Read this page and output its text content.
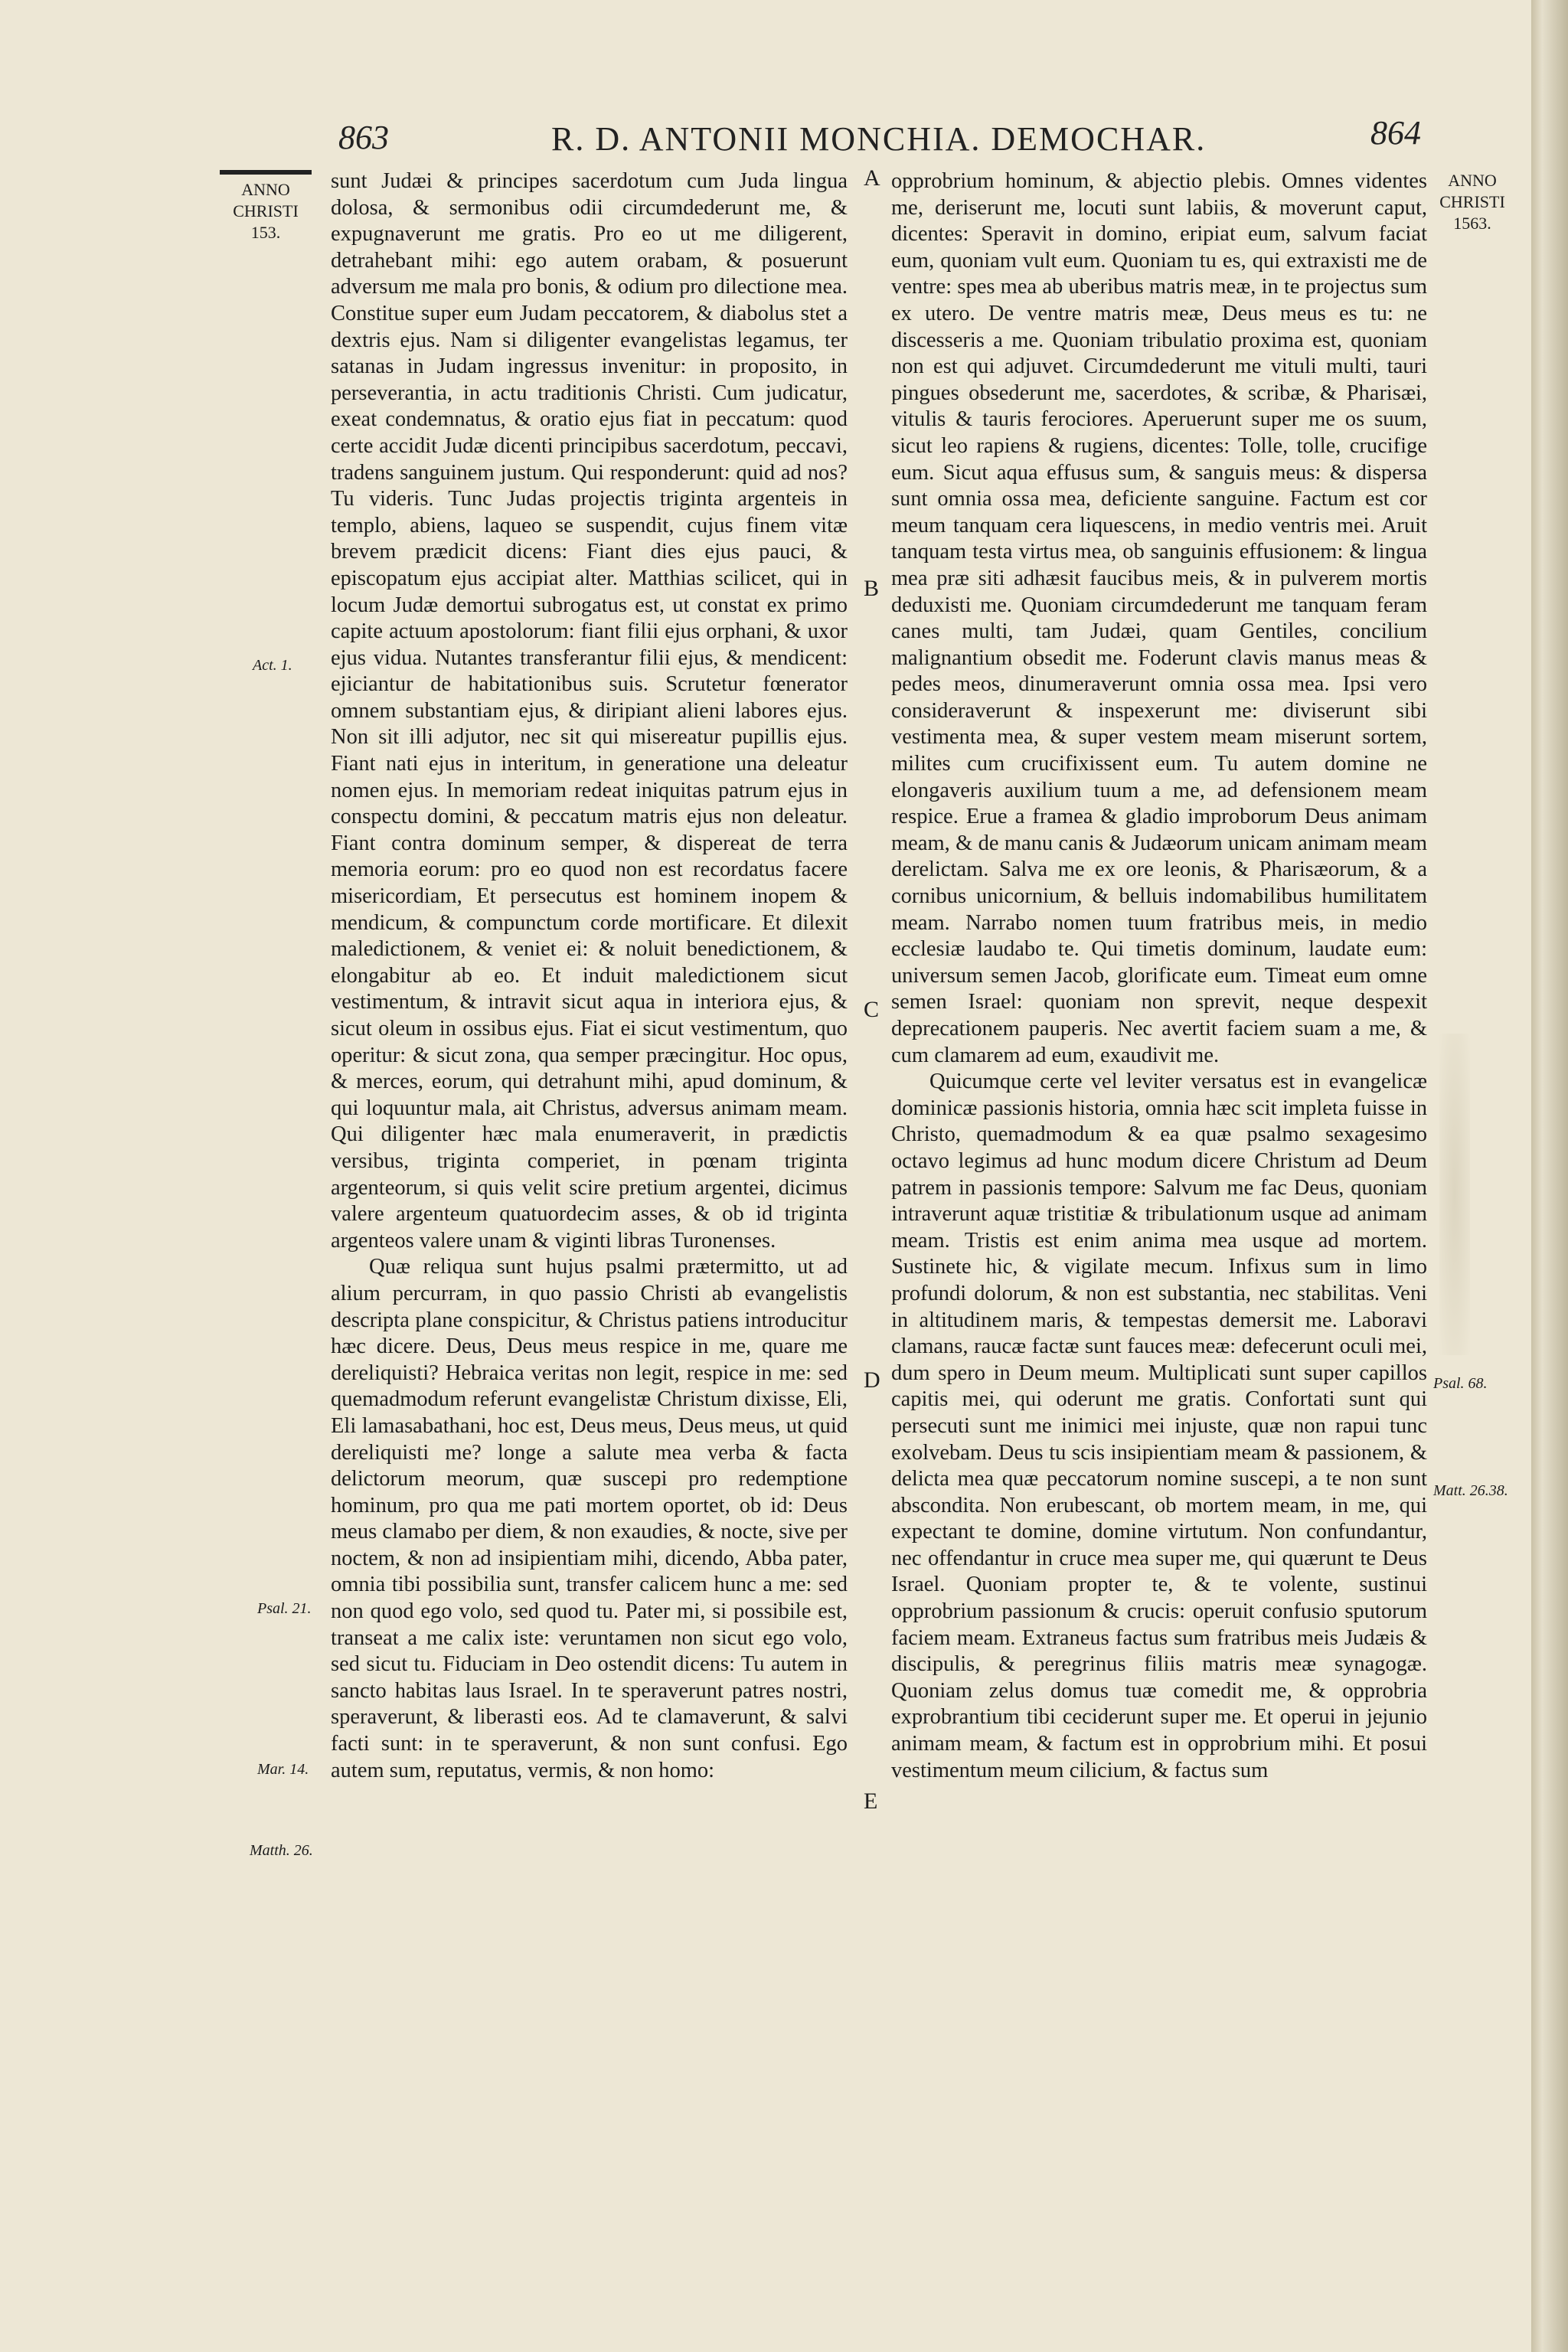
863	R. D. ANTONII MONCHIA. DEMOCHAR.	864
ANNO
CHRISTI
153.
ANNO
CHRISTI
1563.
Act. 1.
Psal. 21.
Mar. 14.
Matth. 26.
Psal. 68.
Matt. 26.38.
A
B
C
D
E

sunt Judæi & principes sacerdotum cum Juda lingua dolosa, & sermonibus odii circumdederunt me, & expugnaverunt me gratis. Pro eo ut me diligerent, detrahebant mihi: ego autem orabam, & posuerunt adversum me mala pro bonis, & odium pro dilectione mea. Constitue super eum Judam peccatorem, & diabolus stet a dextris ejus. Nam si diligenter evangelistas legamus, ter satanas in Judam ingressus invenitur: in proposito, in perseverantia, in actu traditionis Christi. Cum judicatur, exeat condemnatus, & oratio ejus fiat in peccatum: quod certe accidit Judæ dicenti principibus sacerdotum, peccavi, tradens sanguinem justum. Qui responderunt: quid ad nos? Tu videris. Tunc Judas projectis triginta argenteis in templo, abiens, laqueo se suspendit, cujus finem vitæ brevem prædicit dicens: Fiant dies ejus pauci, & episcopatum ejus accipiat alter. Matthias scilicet, qui in locum Judæ demortui subrogatus est, ut constat ex primo capite actuum apostolorum: fiant filii ejus orphani, & uxor ejus vidua. Nutantes transferantur filii ejus, & mendicent: ejiciantur de habitationibus suis. Scrutetur fœnerator omnem substantiam ejus, & diripiant alieni labores ejus. Non sit illi adjutor, nec sit qui misereatur pupillis ejus. Fiant nati ejus in interitum, in generatione una deleatur nomen ejus. In memoriam redeat iniquitas patrum ejus in conspectu domini, & peccatum matris ejus non deleatur. Fiant contra dominum semper, & dispereat de terra memoria eorum: pro eo quod non est recordatus facere misericordiam, Et persecutus est hominem inopem & mendicum, & compunctum corde mortificare. Et dilexit maledictionem, & veniet ei: & noluit benedictionem, & elongabitur ab eo. Et induit maledictionem sicut vestimentum, & intravit sicut aqua in interiora ejus, & sicut oleum in ossibus ejus. Fiat ei sicut vestimentum, quo operitur: & sicut zona, qua semper præcingitur. Hoc opus, & merces, eorum, qui detrahunt mihi, apud dominum, & qui loquuntur mala, ait Christus, adversus animam meam. Qui diligenter hæc mala enumeraverit, in prædictis versibus, triginta comperiet, in pœnam triginta argenteorum, si quis velit scire pretium argentei, dicimus valere argenteum quatuordecim asses, & ob id triginta argenteos valere unam & viginti libras Turonenses.

Quæ reliqua sunt hujus psalmi prætermitto, ut ad alium percurram, in quo passio Christi ab evangelistis descripta plane conspicitur, & Christus patiens introducitur hæc dicere. Deus, Deus meus respice in me, quare me dereliquisti? Hebraica veritas non legit, respice in me: sed quemadmodum referunt evangelistæ Christum dixisse, Eli, Eli lamasabathani, hoc est, Deus meus, Deus meus, ut quid dereliquisti me? longe a salute mea verba & facta delictorum meorum, quæ suscepi pro redemptione hominum, pro qua me pati mortem oportet, ob id: Deus meus clamabo per diem, & non exaudies, & nocte, sive per noctem, & non ad insipientiam mihi, dicendo, Abba pater, omnia tibi possibilia sunt, transfer calicem hunc a me: sed non quod ego volo, sed quod tu. Pater mi, si possibile est, transeat a me calix iste: veruntamen non sicut ego volo, sed sicut tu. Fiduciam in Deo ostendit dicens: Tu autem in sancto habitas laus Israel. In te speraverunt patres nostri, speraverunt, & liberasti eos. Ad te clamaverunt, & salvi facti sunt: in te speraverunt, & non sunt confusi. Ego autem sum, reputatus, vermis, & non homo:

opprobrium hominum, & abjectio plebis. Omnes videntes me, deriserunt me, locuti sunt labiis, & moverunt caput, dicentes: Speravit in domino, eripiat eum, salvum faciat eum, quoniam vult eum. Quoniam tu es, qui extraxisti me de ventre: spes mea ab uberibus matris meæ, in te projectus sum ex utero. De ventre matris meæ, Deus meus es tu: ne discesseris a me. Quoniam tribulatio proxima est, quoniam non est qui adjuvet. Circumdederunt me vituli multi, tauri pingues obsederunt me, sacerdotes, & scribæ, & Pharisæi, vitulis & tauris ferociores. Aperuerunt super me os suum, sicut leo rapiens & rugiens, dicentes: Tolle, tolle, crucifige eum. Sicut aqua effusus sum, & sanguis meus: & dispersa sunt omnia ossa mea, deficiente sanguine. Factum est cor meum tanquam cera liquescens, in medio ventris mei. Aruit tanquam testa virtus mea, ob sanguinis effusionem: & lingua mea præ siti adhæsit faucibus meis, & in pulverem mortis deduxisti me. Quoniam circumdederunt me tanquam feram canes multi, tam Judæi, quam Gentiles, concilium malignantium obsedit me. Foderunt clavis manus meas & pedes meos, dinumeraverunt omnia ossa mea. Ipsi vero consideraverunt & inspexerunt me: diviserunt sibi vestimenta mea, & super vestem meam miserunt sortem, milites cum crucifixissent eum. Tu autem domine ne elongaveris auxilium tuum a me, ad defensionem meam respice. Erue a framea & gladio improborum Deus animam meam, & de manu canis & Judæorum unicam animam meam derelictam. Salva me ex ore leonis, & Pharisæorum, & a cornibus unicornium, & belluis indomabilibus humilitatem meam. Narrabo nomen tuum fratribus meis, in medio ecclesiæ laudabo te. Qui timetis dominum, laudate eum: universum semen Jacob, glorificate eum. Timeat eum omne semen Israel: quoniam non sprevit, neque despexit deprecationem pauperis. Nec avertit faciem suam a me, & cum clamarem ad eum, exaudivit me.

Quicumque certe vel leviter versatus est in evangelicæ dominicæ passionis historia, omnia hæc scit impleta fuisse in Christo, quemadmodum & ea quæ psalmo sexagesimo octavo legimus ad hunc modum dicere Christum ad Deum patrem in passionis tempore: Salvum me fac Deus, quoniam intraverunt aquæ tristitiæ & tribulationum usque ad animam meam. Tristis est enim anima mea usque ad mortem. Sustinete hic, & vigilate mecum. Infixus sum in limo profundi dolorum, & non est substantia, nec stabilitas. Veni in altitudinem maris, & tempestas demersit me. Laboravi clamans, raucæ factæ sunt fauces meæ: defecerunt oculi mei, dum spero in Deum meum. Multiplicati sunt super capillos capitis mei, qui oderunt me gratis. Confortati sunt qui persecuti sunt me inimici mei injuste, quæ non rapui tunc exolvebam. Deus tu scis insipientiam meam & passionem, & delicta mea quæ peccatorum nomine suscepi, a te non sunt abscondita. Non erubescant, ob mortem meam, in me, qui expectant te domine, domine virtutum. Non confundantur, nec offendantur in cruce mea super me, qui quærunt te Deus Israel. Quoniam propter te, & te volente, sustinui opprobrium passionum & crucis: operuit confusio sputorum faciem meam. Extraneus factus sum fratribus meis Judæis & discipulis, & peregrinus filiis matris meæ synagogæ. Quoniam zelus domus tuæ comedit me, & opprobria exprobrantium tibi ceciderunt super me. Et operui in jejunio animam meam, & factum est in opprobrium mihi. Et posui vestimentum meum cilicium, & factus sum
